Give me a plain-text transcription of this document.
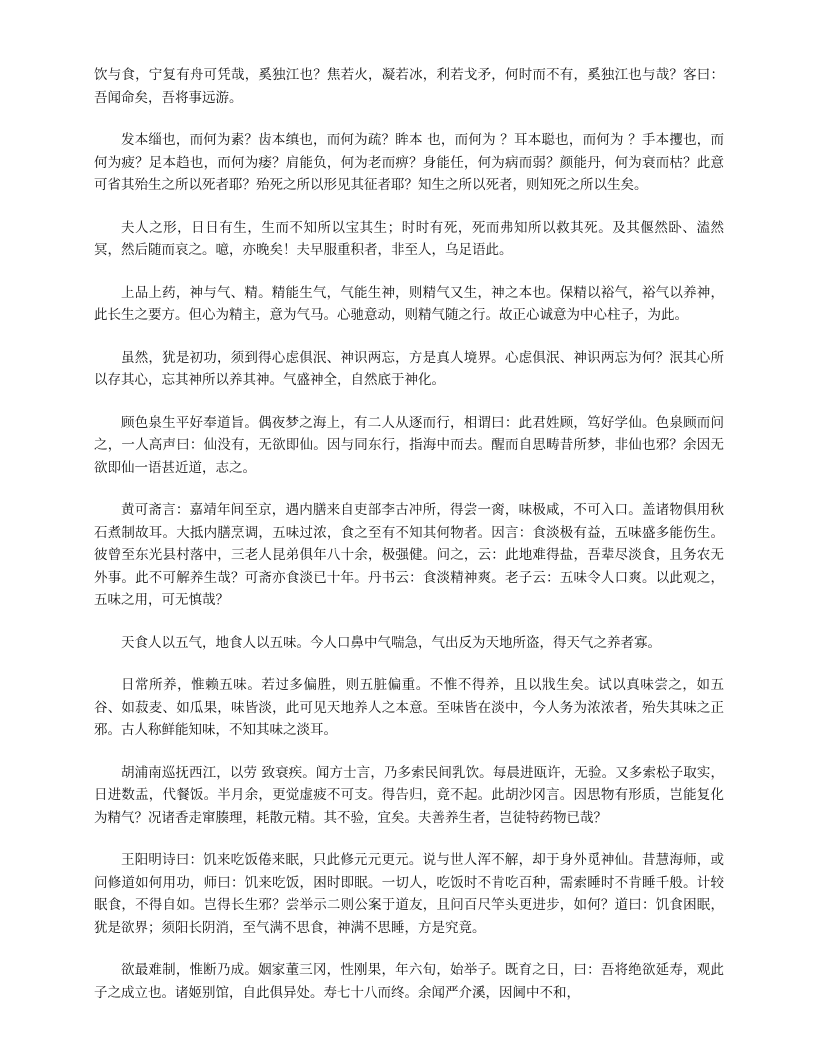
饮与食，宁复有舟可凭哉，奚独江也？焦若火，凝若冰，利若戈矛，何时而不有，奚独江也与哉？客曰：吾闻命矣，吾将事远游。

发本缁也，而何为素？齿本缜也，而何为疏？眸本 也，而何为 ？耳本聪也，而何为 ？手本攫也，而何为疲？足本趋也，而何为痿？肩能负，何为老而痹？身能任，何为病而弱？颜能丹，何为衰而枯？此意可省其殆生之所以死者耶？殆死之所以形见其征者耶？知生之所以死者，则知死之所以生矣。

夫人之形，日日有生，生而不知所以宝其生；时时有死，死而弗知所以救其死。及其偃然卧、溘然冥，然后随而哀之。噫，亦晚矣！夫早服重积者，非至人，乌足语此。

上品上药，神与气、精。精能生气，气能生神，则精气又生，神之本也。保精以裕气，裕气以养神，此长生之要方。但心为精主，意为气马。心驰意动，则精气随之行。故正心诚意为中心柱子，为此。

虽然，犹是初功，须到得心虑俱泯、神识两忘，方是真人境界。心虑俱泯、神识两忘为何？泯其心所以存其心，忘其神所以养其神。气盛神全，自然底于神化。

顾色泉生平好奉道旨。偶夜梦之海上，有二人从逐而行，相谓曰：此君姓顾，笃好学仙。色泉顾而问之，一人高声曰：仙没有，无欲即仙。因与同东行，指海中而去。醒而自思畴昔所梦，非仙也邪？余因无欲即仙一语甚近道，志之。

黄可斋言：嘉靖年间至京，遇内膳来自吏部李古冲所，得尝一脔，味极咸，不可入口。盖诸物俱用秋石煮制故耳。大抵内膳烹调，五味过浓，食之至有不知其何物者。因言：食淡极有益，五味盛多能伤生。彼曾至东光县村落中，三老人昆弟俱年八十余，极强健。问之，云：此地难得盐，吾辈尽淡食，且务农无外事。此不可解养生哉？可斋亦食淡已十年。丹书云：食淡精神爽。老子云：五味令人口爽。以此观之，五味之用，可无慎哉？

天食人以五气，地食人以五味。今人口鼻中气喘急，气出反为天地所盗，得天气之养者寡。

日常所养，惟赖五味。若过多偏胜，则五脏偏重。不惟不得养，且以戕生矣。试以真味尝之，如五谷、如菽麦、如瓜果，味皆淡，此可见天地养人之本意。至味皆在淡中，今人务为浓浓者，殆失其味之正邪。古人称鲜能知味，不知其味之淡耳。

胡浦南巡抚西江，以劳 致衰疾。闻方士言，乃多索民间乳饮。每晨进瓯许，无验。又多索松子取实，日进数盂，代餐饭。半月余，更觉虚疲不可支。得告归，竟不起。此胡沙冈言。因思物有形质，岂能复化为精气？况诸香走窜腠理，耗散元精。其不验，宜矣。夫善养生者，岂徒特药物已哉？

王阳明诗曰：饥来吃饭倦来眠，只此修元元更元。说与世人浑不解，却于身外觅神仙。昔慧海师，或问修道如何用功，师曰：饥来吃饭，困时即眠。一切人，吃饭时不肯吃百种，需索睡时不肯睡千般。计较眠食，不得自如。岂得长生邪？尝举示二则公案于道友，且问百尺竿头更进步，如何？道曰：饥食困眠，犹是欲界；须阳长阴消，至气满不思食，神满不思睡，方是究竟。

欲最难制，惟断乃成。姻家董三冈，性刚果，年六旬，始举子。既育之日，曰：吾将绝欲延寿，观此子之成立也。诸姬别馆，自此俱异处。寿七十八而终。余闻严介溪，因阃中不和，
